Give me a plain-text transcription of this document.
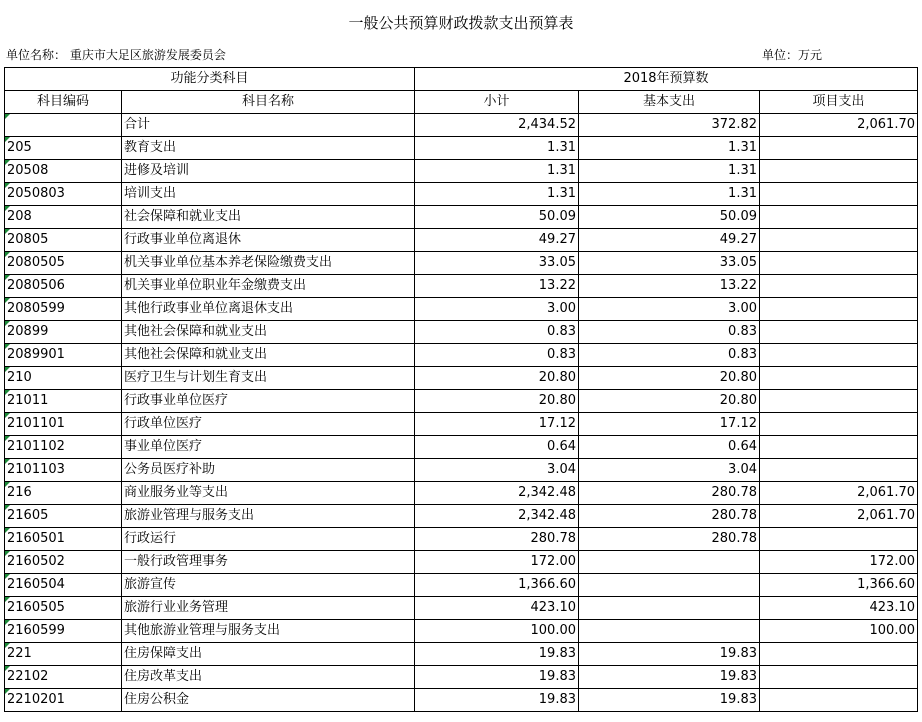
一般公共预算财政拨款支出预算表
单位名称： 重庆市大足区旅游发展委员会	单位：万元
功能分类科目		2018年预算数		
科目编码	科目名称	小计	基本支出	项目支出
	合计	2,434.52	372.82	2,061.70
205	教育支出	1.31	1.31	
20508	进修及培训	1.31	1.31	
2050803	培训支出	1.31	1.31	
208	社会保障和就业支出	50.09	50.09	
20805	行政事业单位离退休	49.27	49.27	
2080505	机关事业单位基本养老保险缴费支出	33.05	33.05	
2080506	机关事业单位职业年金缴费支出	13.22	13.22	
2080599	其他行政事业单位离退休支出	3.00	3.00	
20899	其他社会保障和就业支出	0.83	0.83	
2089901	其他社会保障和就业支出	0.83	0.83	
210	医疗卫生与计划生育支出	20.80	20.80	
21011	行政事业单位医疗	20.80	20.80	
2101101	行政单位医疗	17.12	17.12	
2101102	事业单位医疗	0.64	0.64	
2101103	公务员医疗补助	3.04	3.04	
216	商业服务业等支出	2,342.48	280.78	2,061.70
21605	旅游业管理与服务支出	2,342.48	280.78	2,061.70
2160501	行政运行	280.78	280.78	
2160502	一般行政管理事务	172.00		172.00
2160504	旅游宣传	1,366.60		1,366.60
2160505	旅游行业业务管理	423.10		423.10
2160599	其他旅游业管理与服务支出	100.00		100.00
221	住房保障支出	19.83	19.83	
22102	住房改革支出	19.83	19.83	
2210201	住房公积金	19.83	19.83	
